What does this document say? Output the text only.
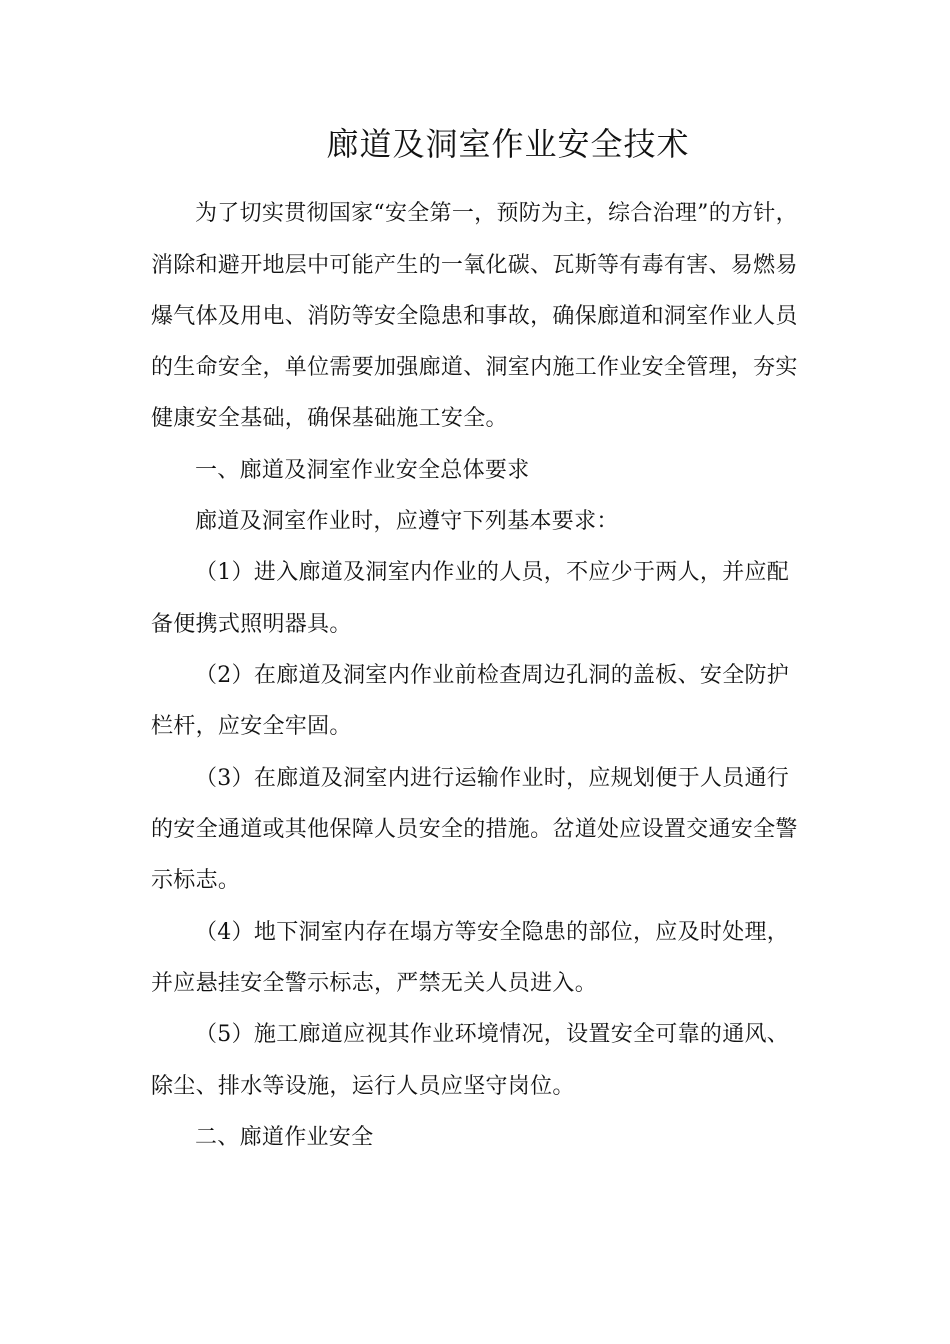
廊道及洞室作业安全技术
为了切实贯彻国家“安全第一，预防为主，综合治理”的方针，
消除和避开地层中可能产生的一氧化碳、瓦斯等有毒有害、易燃易
爆气体及用电、消防等安全隐患和事故，确保廊道和洞室作业人员
的生命安全，单位需要加强廊道、洞室内施工作业安全管理，夯实
健康安全基础，确保基础施工安全。
一、廊道及洞室作业安全总体要求
廊道及洞室作业时，应遵守下列基本要求：
（1）进入廊道及洞室内作业的人员，不应少于两人，并应配
备便携式照明器具。
（2）在廊道及洞室内作业前检查周边孔洞的盖板、安全防护
栏杆，应安全牢固。
（3）在廊道及洞室内进行运输作业时，应规划便于人员通行
的安全通道或其他保障人员安全的措施。岔道处应设置交通安全警
示标志。
（4）地下洞室内存在塌方等安全隐患的部位，应及时处理，
并应悬挂安全警示标志，严禁无关人员进入。
（5）施工廊道应视其作业环境情况，设置安全可靠的通风、
除尘、排水等设施，运行人员应坚守岗位。
二、廊道作业安全
